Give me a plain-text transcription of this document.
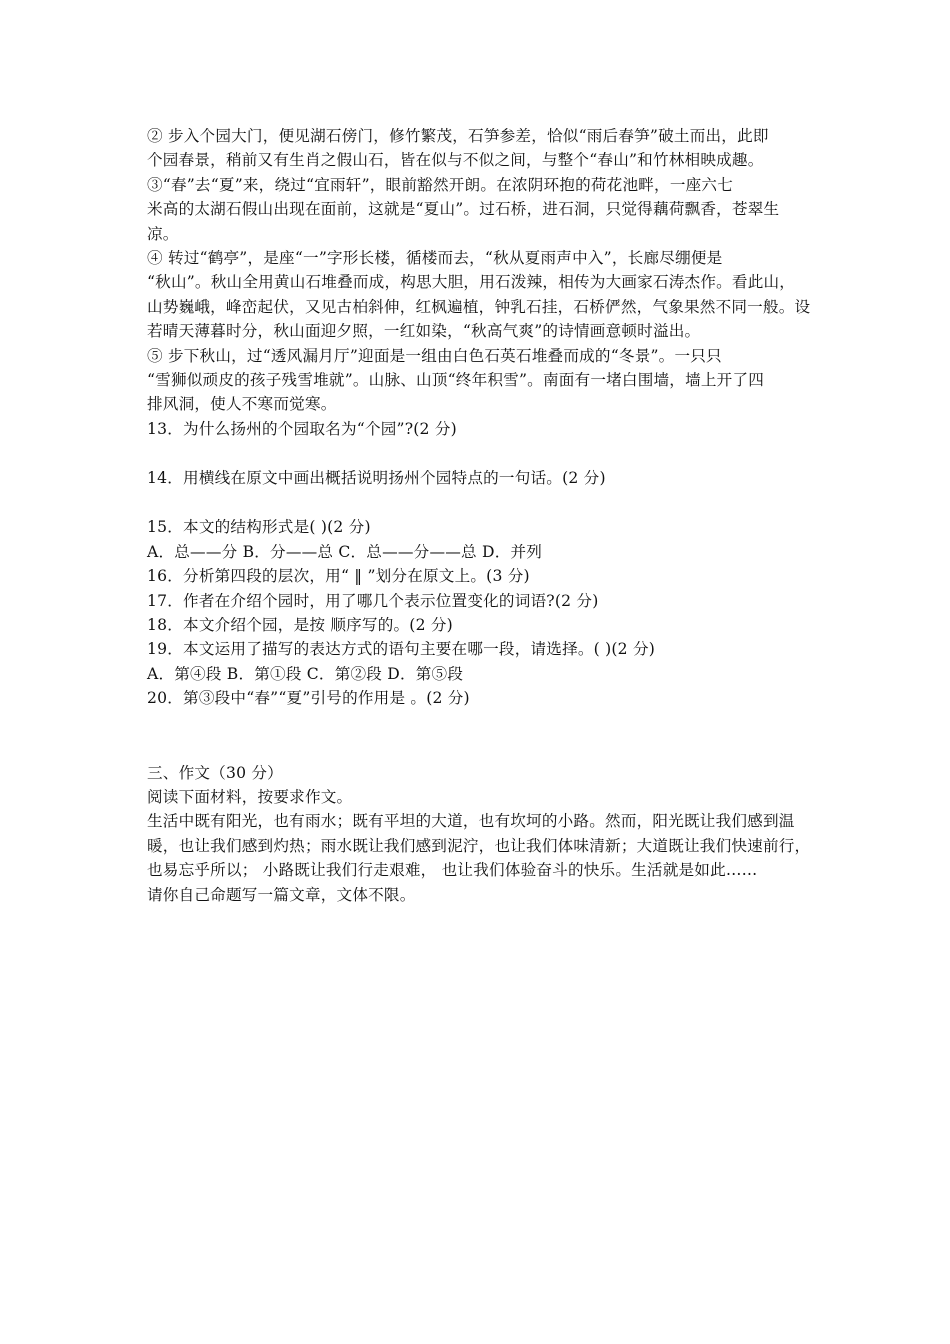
② 步入个园大门，便见湖石傍门，修竹繁茂，石笋参差，恰似“雨后春笋”破土而出，此即
个园春景，稍前又有生肖之假山石，皆在似与不似之间，与整个“春山”和竹林相映成趣。
③“春”去“夏”来，绕过“宜雨轩”，眼前豁然开朗。在浓阴环抱的荷花池畔，一座六七
米高的太湖石假山出现在面前，这就是“夏山”。过石桥，进石洞，只觉得藕荷飘香，苍翠生
凉。
④ 转过“鹤亭”，是座“一”字形长楼，循楼而去，“秋从夏雨声中入”，长廊尽绷便是
“秋山”。秋山全用黄山石堆叠而成，构思大胆，用石泼辣，相传为大画家石涛杰作。看此山，
山势巍峨，峰峦起伏，又见古柏斜伸，红枫遍植，钟乳石挂，石桥俨然，气象果然不同一般。设
若晴天薄暮时分，秋山面迎夕照，一红如染，“秋高气爽”的诗情画意顿时溢出。
⑤ 步下秋山，过“透风漏月厅”迎面是一组由白色石英石堆叠而成的“冬景”。一只只
“雪狮似顽皮的孩子残雪堆就”。山脉、山顶“终年积雪”。南面有一堵白围墙，墙上开了四
排风洞，使人不寒而觉寒。
13．为什么扬州的个园取名为“个园”?(2 分)
14．用横线在原文中画出概括说明扬州个园特点的一句话。(2 分)
15．本文的结构形式是( )(2 分)
A．总——分 B．分——总 C．总——分——总 D．并列
16．分析第四段的层次，用“ ‖ ”划分在原文上。(3 分)
17．作者在介绍个园时，用了哪几个表示位置变化的词语?(2 分)
18．本文介绍个园，是按 顺序写的。(2 分)
19．本文运用了描写的表达方式的语句主要在哪一段，请选择。( )(2 分)
A．第④段 B．第①段 C．第②段 D．第⑤段
20．第③段中“春”“夏”引号的作用是 。(2 分)
三、作文（30 分）
阅读下面材料，按要求作文。
生活中既有阳光，也有雨水；既有平坦的大道，也有坎坷的小路。然而，阳光既让我们感到温
暖，也让我们感到灼热；雨水既让我们感到泥泞，也让我们体味清新；大道既让我们快速前行，
也易忘乎所以； 小路既让我们行走艰难， 也让我们体验奋斗的快乐。生活就是如此……
请你自己命题写一篇文章，文体不限。
